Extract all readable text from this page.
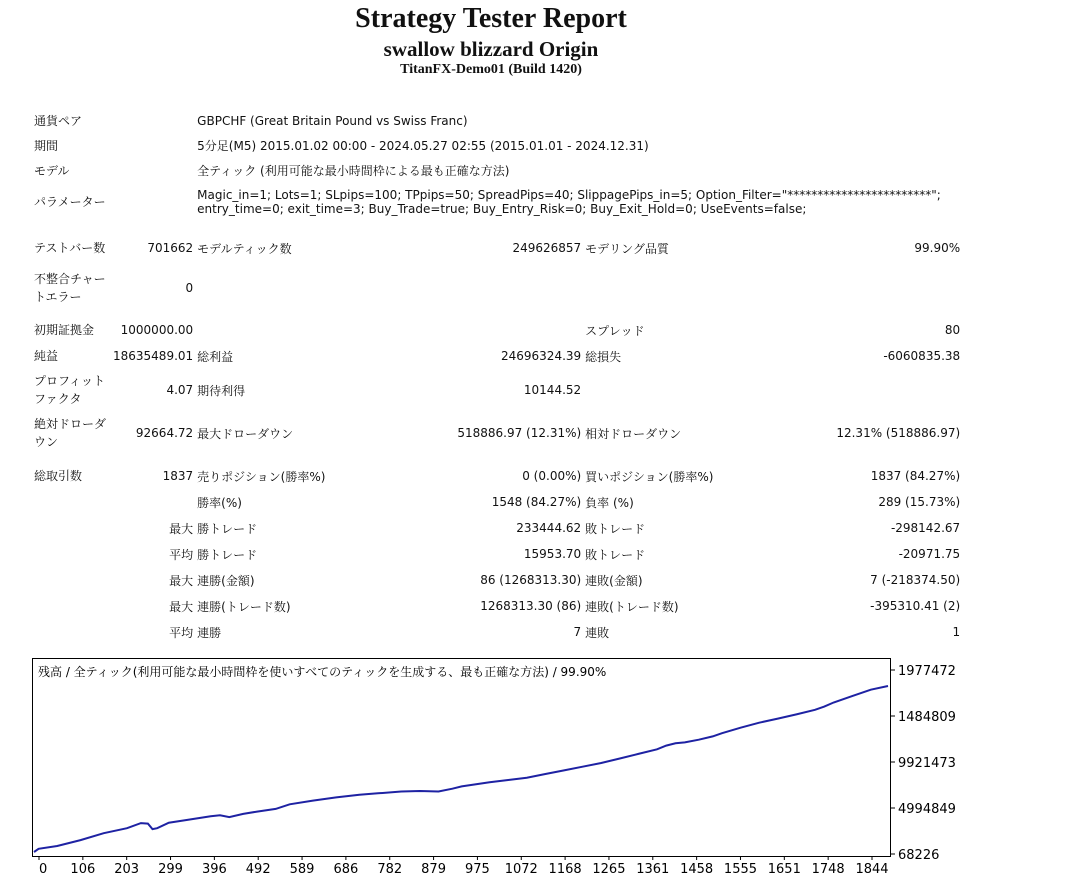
Strategy Tester Report
swallow blizzard Origin
TitanFX-Demo01 (Build 1420)
通貨ペア		GBPCHF (Great Britain Pound vs Swiss Franc)			
期間		5分足(M5) 2015.01.02 00:00 - 2024.05.27 02:55 (2015.01.01 - 2024.12.31)			
モデル		全ティック (利用可能な最小時間枠による最も正確な方法)			
パラメーター		Magic_in=1; Lots=1; SLpips=100; TPpips=50; SpreadPips=40; SlippagePips_in=5; Option_Filter="************************";
entry_time=0; exit_time=3; Buy_Trade=true; Buy_Entry_Risk=0; Buy_Exit_Hold=0; UseEvents=false;			

テストバー数	701662	モデルティック数	249626857	モデリング品質	99.90%
不整合チャートエラー	0				

初期証拠金	1000000.00			スプレッド	80
純益	18635489.01	総利益	24696324.39	総損失	-6060835.38
プロフィットファクタ	4.07	期待利得	10144.52		
絶対ドローダウン	92664.72	最大ドローダウン	518886.97 (12.31%)	相対ドローダウン	12.31% (518886.97)

総取引数	1837	売りポジション(勝率%)	0 (0.00%)	買いポジション(勝率%)	1837 (84.27%)
		勝率(%)	1548 (84.27%)	負率 (%)	289 (15.73%)
	最大	勝トレード	233444.62	敗トレード	-298142.67
	平均	勝トレード	15953.70	敗トレード	-20971.75
	最大	連勝(金額)	86 (1268313.30)	連敗(金額)	7 (-218374.50)
	最大	連勝(トレード数)	1268313.30 (86)	連敗(トレード数)	-395310.41 (2)
	平均	連勝	7	連敗	1
残高 / 全ティック(利用可能な最小時間枠を使いすべてのティックを生成する、最も正確な方法) / 99.90%	1977472
1484809
9921473
4994849
68226
0 106 203 299 396 492 589 686 782 879 975 1072 1168 1265 1361 1458 1555 1651 1748 1844
